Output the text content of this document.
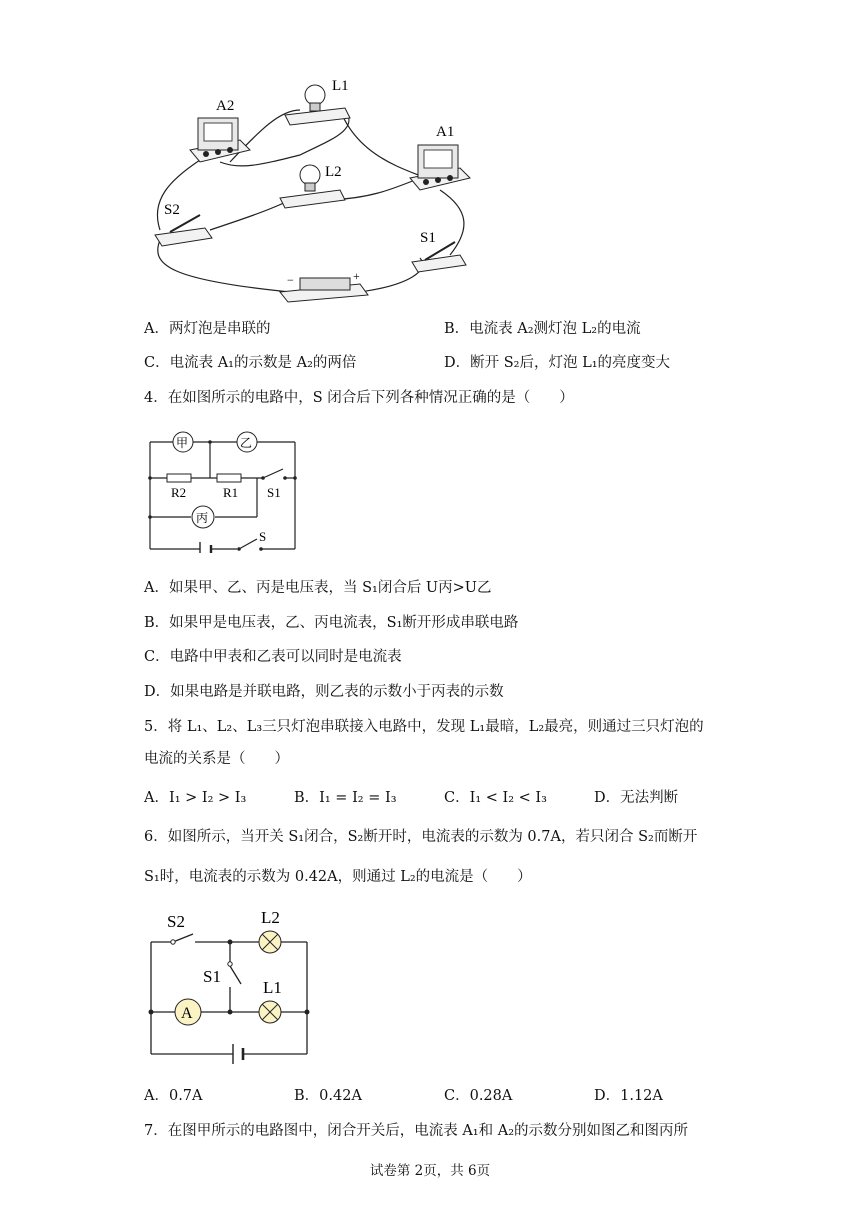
A2
L1
L2
A1
S2
S1
−	+
A．两灯泡是串联的	B．电流表 A₂测灯泡 L₂的电流
C．电流表 A₁的示数是 A₂的两倍	D．断开 S₂后，灯泡 L₁的亮度变大
4．在如图所示的电路中，S 闭合后下列各种情况正确的是（　　）
甲	乙
丙
R2	R1 S1
S
A．如果甲、乙、丙是电压表，当 S₁闭合后 U丙>U乙
B．如果甲是电压表，乙、丙电流表，S₁断开形成串联电路
C．电路中甲表和乙表可以同时是电流表
D．如果电路是并联电路，则乙表的示数小于丙表的示数
5．将 L₁、L₂、L₃三只灯泡串联接入电路中，发现 L₁最暗，L₂最亮，则通过三只灯泡的
电流的关系是（　　）
A．I₁ > I₂ > I₃	B．I₁ = I₂ = I₃	C．I₁ < I₂ < I₃	D．无法判断
6．如图所示，当开关 S₁闭合，S₂断开时，电流表的示数为 0.7A，若只闭合 S₂而断开
S₁时，电流表的示数为 0.42A，则通过 L₂的电流是（　　）
A
S2	L2
S1
L1
A．0.7A	B．0.42A	C．0.28A	D．1.12A
7．在图甲所示的电路图中，闭合开关后，电流表 A₁和 A₂的示数分别如图乙和图丙所
试卷第 2页，共 6页
